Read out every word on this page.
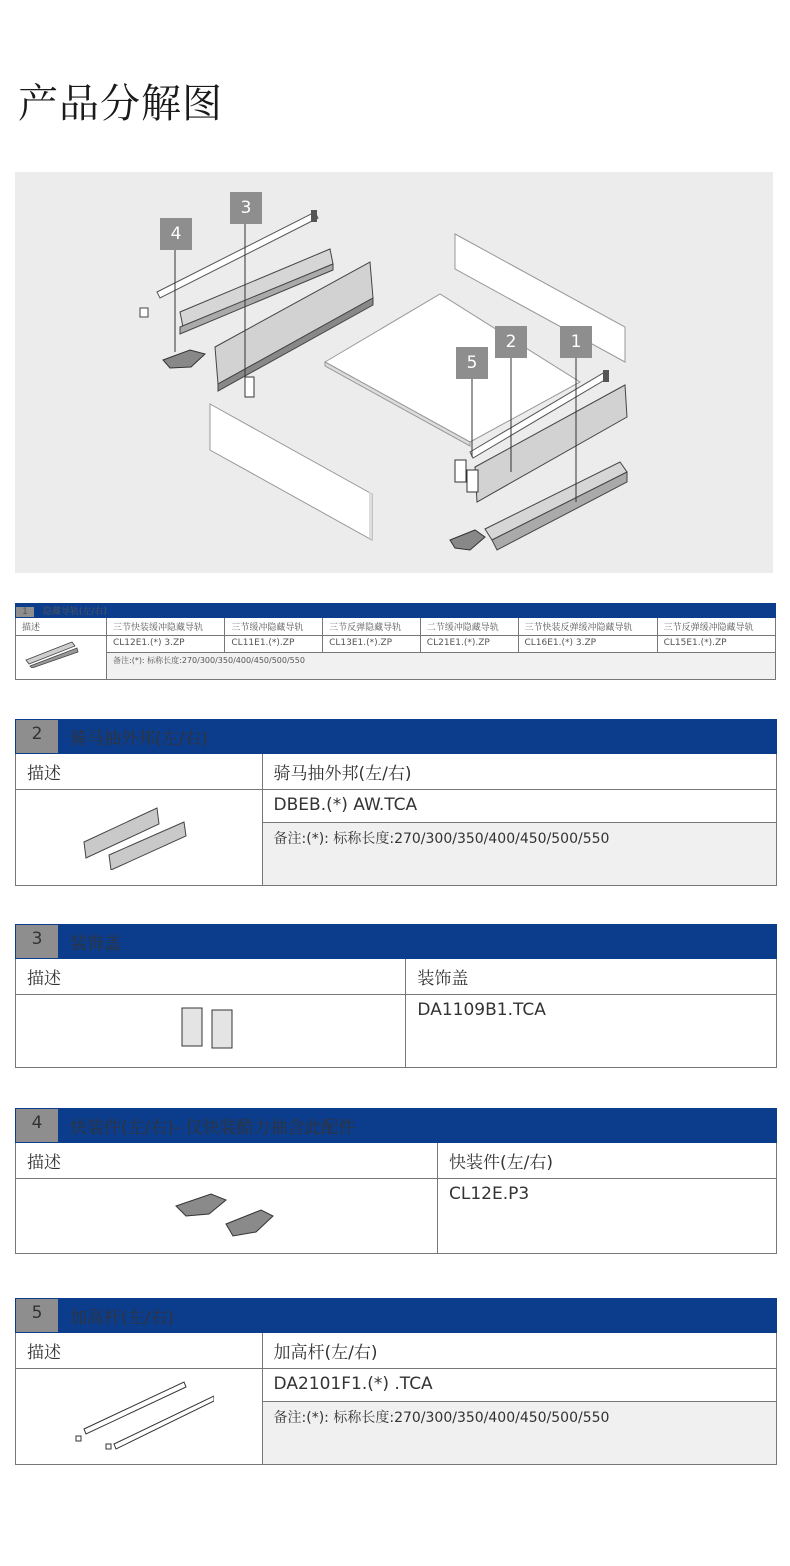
产品分解图
4
3
5
2	1
1 隐藏导轨(左/右)						
描述	三节快装缓冲隐藏导轨	三节缓冲隐藏导轨	三节反弹隐藏导轨	二节缓冲隐藏导轨	三节快装反弹缓冲隐藏导轨	三节反弹缓冲隐藏导轨
	CL12E1.(*) 3.ZP	CL11E1.(*).ZP	CL13E1.(*).ZP	CL21E1.(*).ZP	CL16E1.(*) 3.ZP	CL15E1.(*).ZP
	备注:(*): 标称长度:270/300/350/400/450/500/550					
2	骑马抽外邦(左/右)	
描述		骑马抽外邦(左/右)
	DBEB.(*) AW.TCA
		备注:(*): 标称长度:270/300/350/400/450/500/550
3	装饰盖	
描述		装饰盖
	DA1109B1.TCA
4	快装件(左/右)- 仅快装酷力抽含此配件	
描述		快装件(左/右)
	CL12E.P3
5	加高杆(左/右)	
描述		加高杆(左/右)
	DA2101F1.(*) .TCA
		备注:(*): 标称长度:270/300/350/400/450/500/550
